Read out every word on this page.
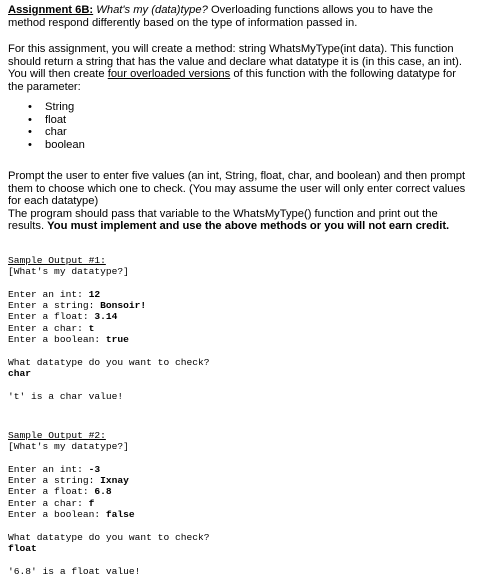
Assignment 6B: What's my (data)type? Overloading functions allows you to have the method respond differently based on the type of information passed in.
For this assignment, you will create a method: string WhatsMyType(int data). This function should return a string that has the value and declare what datatype it is (in this case, an int). You will then create four overloaded versions of this function with the following datatype for the parameter:
• String
• float
• char
• boolean

Prompt the user to enter five values (an int, String, float, char, and boolean) and then prompt them to choose which one to check. (You may assume the user will only enter correct values for each datatype)

The program should pass that variable to the WhatsMyType() function and print out the results. You must implement and use the above methods or you will not earn credit.

Sample Output #1:
[What's my datatype?]

Enter an int: 12
Enter a string: Bonsoir!
Enter a float: 3.14
Enter a char: t
Enter a boolean: true

What datatype do you want to check?
char

't' is a char value!
Sample Output #2:
[What's my datatype?]

Enter an int: -3
Enter a string: Ixnay
Enter a float: 6.8
Enter a char: f
Enter a boolean: false

What datatype do you want to check?
float

'6.8' is a float value!
